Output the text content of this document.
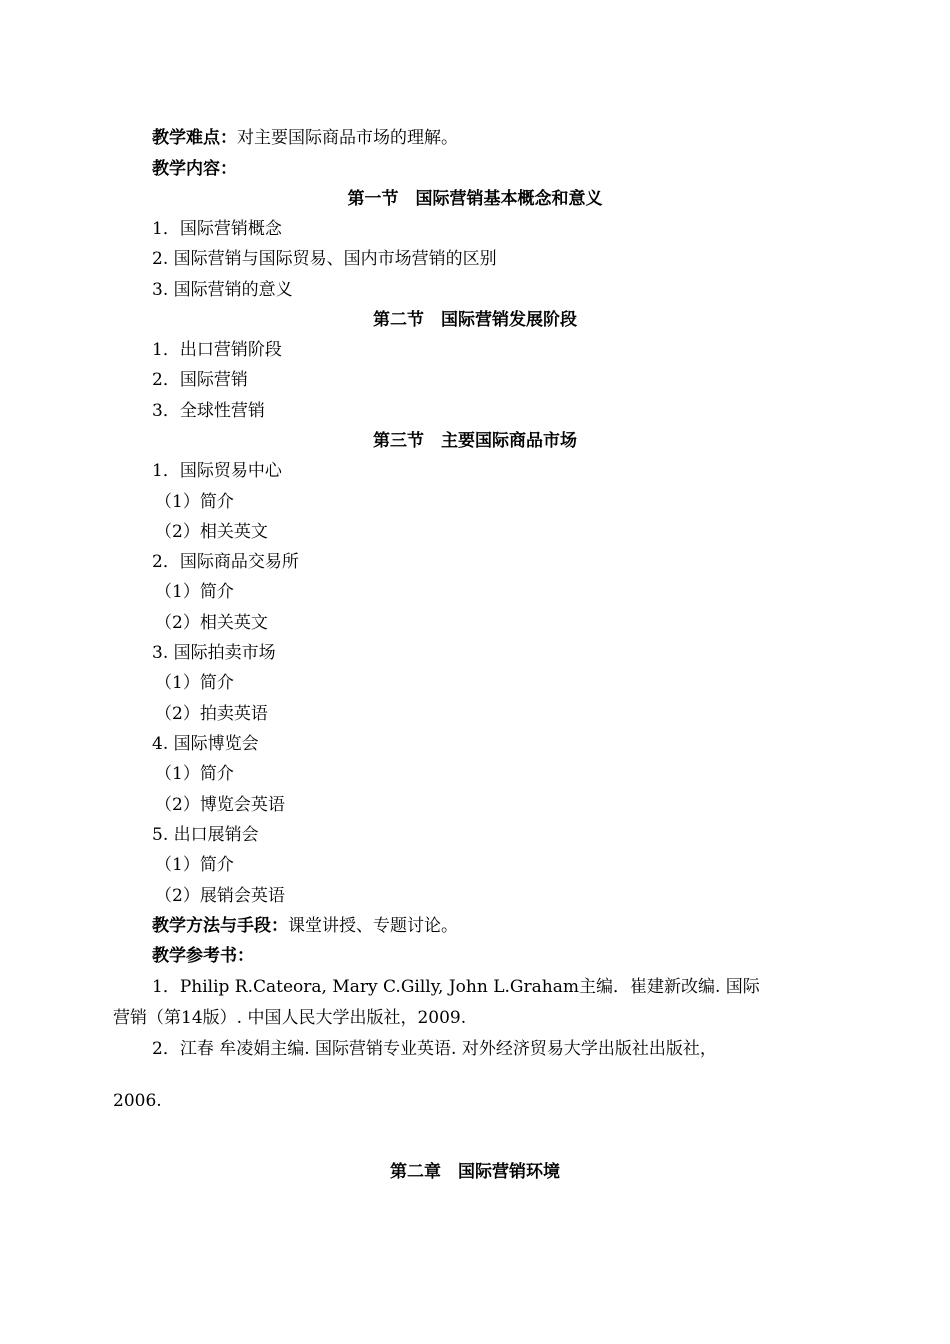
教学难点：对主要国际商品市场的理解。
教学内容：
第一节　国际营销基本概念和意义
1．国际营销概念
2. 国际营销与国际贸易、国内市场营销的区别
3. 国际营销的意义
第二节　国际营销发展阶段
1．出口营销阶段
2．国际营销
3．全球性营销
第三节　主要国际商品市场
1．国际贸易中心
（1）简介
（2）相关英文
2．国际商品交易所
（1）简介
（2）相关英文
3. 国际拍卖市场
（1）简介
（2）拍卖英语
4. 国际博览会
（1）简介
（2）博览会英语
5. 出口展销会
（1）简介
（2）展销会英语
教学方法与手段：课堂讲授、专题讨论。
教学参考书：
1．Philip R.Cateora, Mary C.Gilly, John L.Graham主编．崔建新改编. 国际
营销（第14版）. 中国人民大学出版社，2009.
2．江春 牟凌娟主编. 国际营销专业英语. 对外经济贸易大学出版社出版社，
2006.
第二章　国际营销环境
